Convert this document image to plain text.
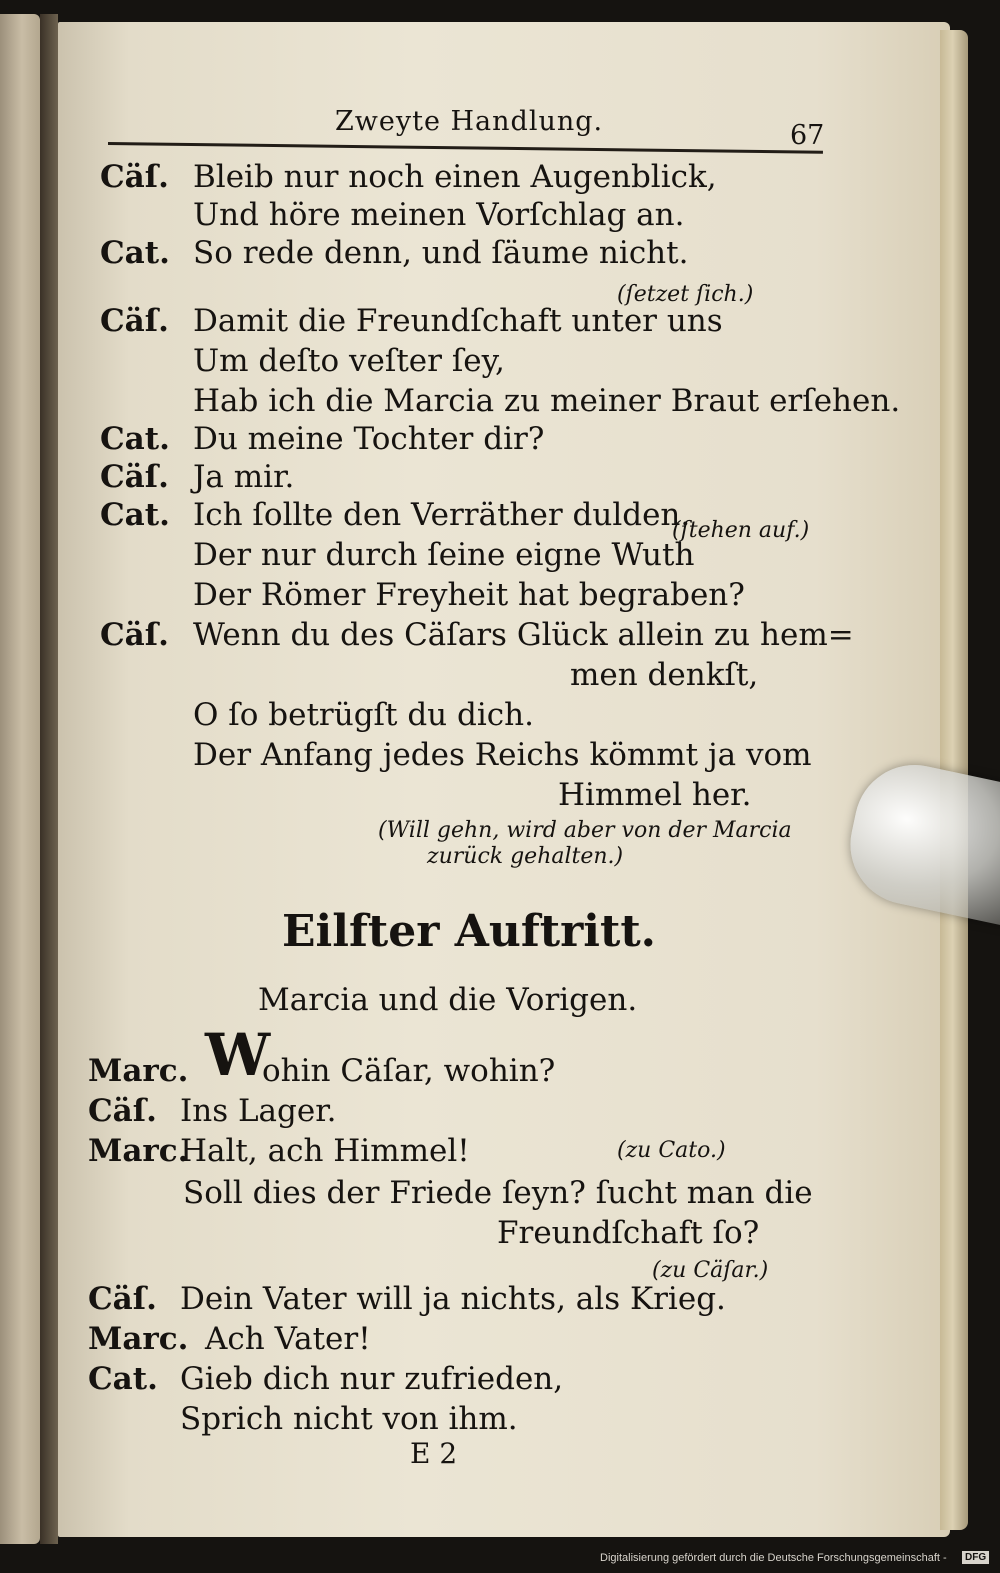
Zweyte Handlung.	67
Cäſ. Bleib nur noch einen Augenblick,
Und höre meinen Vorſchlag an.
Cat. So rede denn, und ſäume nicht.
(ſetzet ſich.)
Cäſ. Damit die Freundſchaft unter uns
Um deſto veſter ſey,
Hab ich die Marcia zu meiner Braut erſehen.
Cat. Du meine Tochter dir?
Cäſ. Ja mir.
Cat. Ich ſollte den Verräther dulden.
(ſtehen auf.)
Der nur durch ſeine eigne Wuth
Der Römer Freyheit hat begraben?
Cäſ. Wenn du des Cäſars Glück allein zu hem=
men denkſt,
O ſo betrügſt du dich.
Der Anfang jedes Reichs kömmt ja vom
Himmel her.
(Will gehn, wird aber von der Marcia
zurück gehalten.)
Eilfter Auftritt.
Marcia und die Vorigen.
Marc. W
ohin Cäſar, wohin?
Cäſ. Ins Lager.
Marc.
Halt, ach Himmel!	(zu Cato.)
Soll dies der Friede ſeyn? ſucht man die
Freundſchaft ſo?
(zu Cäſar.)
Cäſ. Dein Vater will ja nichts, als Krieg.
Marc. Ach Vater!
Cat. Gieb dich nur zufrieden,
Sprich nicht von ihm.
E 2
Digitalisierung gefördert durch die Deutsche Forschungsgemeinschaft -	DFG
